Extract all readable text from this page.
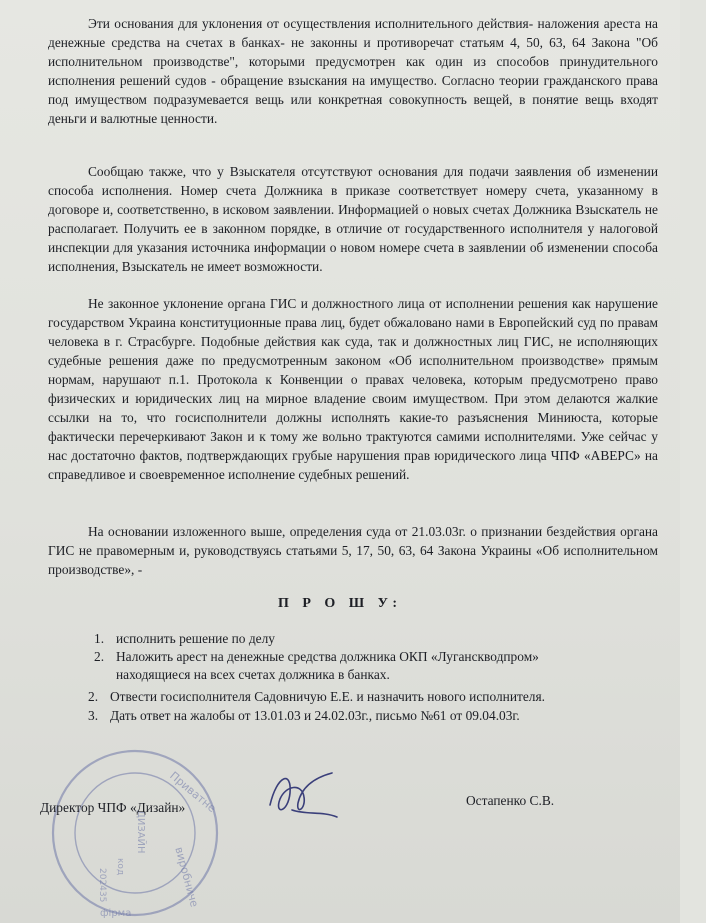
Эти основания для уклонения от осуществления исполнительного действия- наложения ареста на денежные средства на счетах в банках- не законны и противоречат статьям 4, 50, 63, 64 Закона "Об исполнительном производстве", которыми предусмотрен как один из способов принудительного исполнения решений судов - обращение взыскания на имущество. Согласно теории гражданского права под имуществом подразумевается вещь или конкретная совокупность вещей, в понятие вещь входят деньги и валютные ценности.

Сообщаю также, что у Взыскателя отсутствуют основания для подачи заявления об изменении способа исполнения. Номер счета Должника в приказе соответствует номеру счета, указанному в договоре и, соответственно, в исковом заявлении. Информацией о новых счетах Должника Взыскатель не располагает. Получить ее в законном порядке, в отличие от государственного исполнителя у налоговой инспекции для указания источника информации о новом номере счета в заявлении об изменении способа исполнения, Взыскатель не имеет возможности.

Не законное уклонение органа ГИС и должностного лица от исполнении решения как нарушение государством Украина конституционные права лиц, будет обжаловано нами в Европейский суд по правам человека в г. Страсбурге. Подобные действия как суда, так и должностных лиц ГИС, не исполняющих судебные решения даже по предусмотренным законом «Об исполнительном производстве» прямым нормам, нарушают п.1. Протокола к Конвенции о правах человека, которым предусмотрено право физических и юридических лиц на мирное владение своим имуществом. При этом делаются жалкие ссылки на то, что госисполнители должны исполнять какие-то разъяснения Миниюста, которые фактически перечеркивают Закон и к тому же вольно трактуются самими исполнителями. Уже сейчас у нас достаточно фактов, подтверждающих грубые нарушения прав юридического лица ЧПФ «АВЕРС» на справедливое и своевременное исполнение судебных решений.

На основании изложенного выше, определения суда от 21.03.03г. о признании бездействия органа ГИС не правомерным и, руководствуясь статьями 5, 17, 50, 63, 64 Закона Украины «Об исполнительном производстве», -

П Р О Ш У:

1. исполнить решение по делу

2. Наложить арест на денежные средства должника ОКП «Луганскводпром»

находящиеся на всех счетах должника в банках.

2. Отвести госисполнителя Садовничую Е.Е. и назначить нового исполнителя.

3. Дать ответ на жалобы от 13.01.03 и 24.02.03г., письмо №61 от 09.04.03г.

Приватне
виробниче
фірма
ДИЗАЙН
202435
код
Директор ЧПФ «Дизайн»	Остапенко С.В.
